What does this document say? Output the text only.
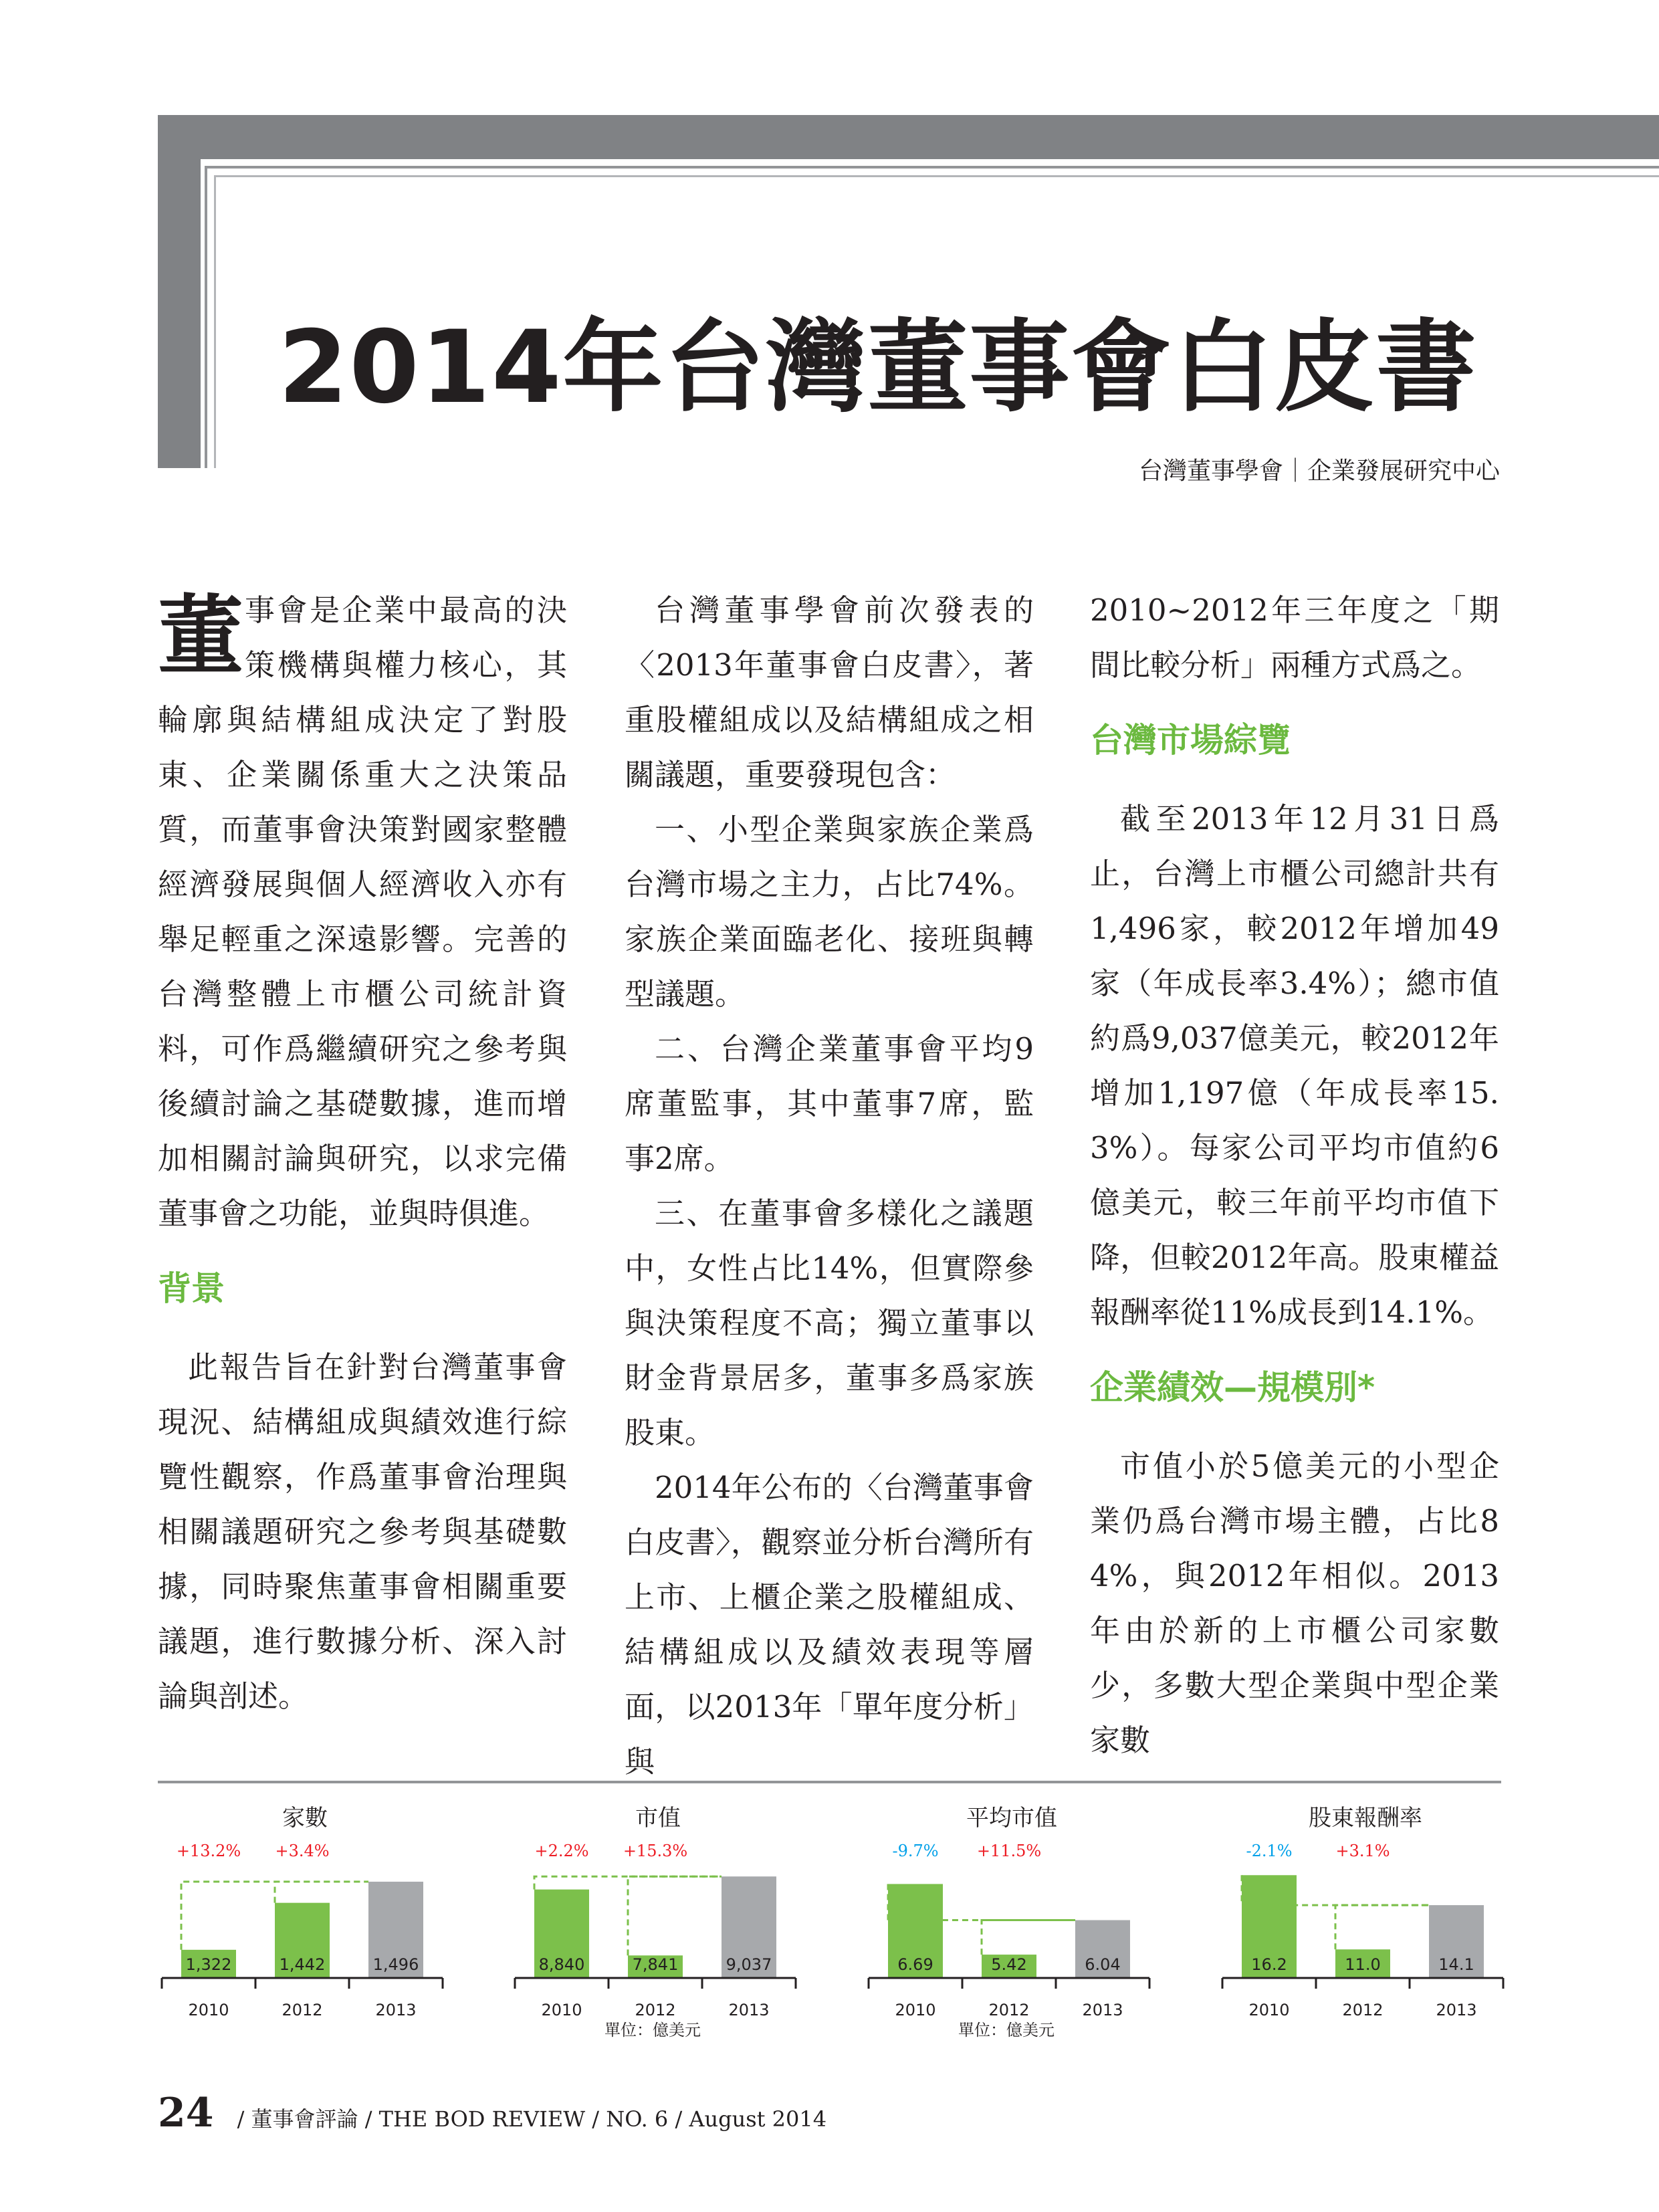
2014年台灣董事會白皮書
台灣董事學會｜企業發展研究中心

董事會是企業中最高的決策機構與權力核心，其輪廓與結構組成決定了對股東、企業關係重大之決策品質，而董事會決策對國家整體經濟發展與個人經濟收入亦有舉足輕重之深遠影響。完善的台灣整體上市櫃公司統計資料，可作爲繼續研究之參考與後續討論之基礎數據，進而增加相關討論與研究，以求完備董事會之功能，並與時俱進。

背景

此報告旨在針對台灣董事會現況、結構組成與績效進行綜覽性觀察，作爲董事會治理與相關議題研究之參考與基礎數據，同時聚焦董事會相關重要議題，進行數據分析、深入討論與剖述。

台灣董事學會前次發表的〈2013年董事會白皮書〉，著重股權組成以及結構組成之相關議題，重要發現包含：

一、小型企業與家族企業爲台灣市場之主力，占比74%。家族企業面臨老化、接班與轉型議題。

二、台灣企業董事會平均9席董監事，其中董事7席，監事2席。

三、在董事會多樣化之議題中，女性占比14%，但實際參與決策程度不高；獨立董事以財金背景居多，董事多爲家族股東。

2014年公布的〈台灣董事會白皮書〉，觀察並分析台灣所有上市、上櫃企業之股權組成、結構組成以及績效表現等層面，以2013年「單年度分析」與

2010~2012年三年度之「期間比較分析」兩種方式爲之。

台灣市場綜覽

截至2013年12月31日爲止，台灣上市櫃公司總計共有1,496家，較2012年增加49家（年成長率3.4%）；總市值約爲9,037億美元，較2012年增加1,197億（年成長率15.3%）。每家公司平均市值約6億美元，較三年前平均市值下降，但較2012年高。股東權益報酬率從11%成長到14.1%。

企業績效—規模別*

市值小於5億美元的小型企業仍爲台灣市場主體，占比84%，與2012年相似。2013年由於新的上市櫃公司家數少，多數大型企業與中型企業家數

家數
1,322
2010
1,442
2012
1,496
2013
+13.2% +3.4%
市值
8,840
2010
7,841
2012
9,037
2013
+2.2% +15.3%
平均市值
6.69
2010
5.42
2012
6.04
2013
+11.5%
-9.7%
股東報酬率
16.2
2010
11.0
2012
14.1
2013
+3.1%
-2.1%
單位：億美元	單位：億美元
24 / 董事會評論 / THE BOD REVIEW / NO. 6 / August 2014
